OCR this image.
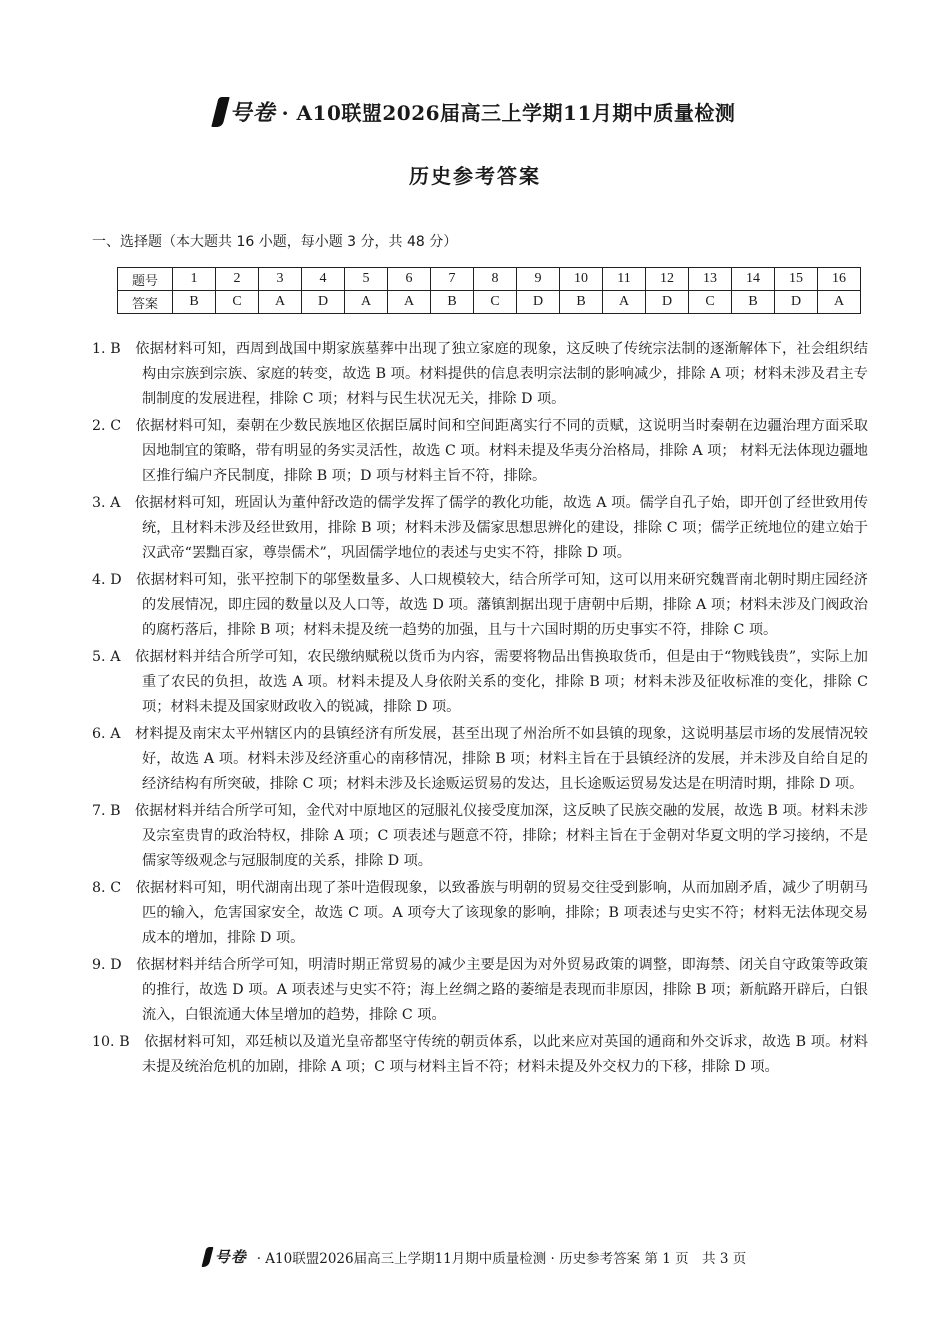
号卷 · A10联盟2026届高三上学期11月期中质量检测
历史参考答案
一、选择题（本大题共 16 小题，每小题 3 分，共 48 分）
题号	1	2	3	4	5	6	7	8	9	10	11	12	13	14	15	16
答案	B	C	A	D	A	A	B	C	D	B	A	D	C	B	D	A
1. B　依据材料可知，西周到战国中期家族墓葬中出现了独立家庭的现象，这反映了传统宗法制的逐渐解体下，社会组织结构由宗族到宗族、家庭的转变，故选 B 项。材料提供的信息表明宗法制的影响减少，排除 A 项；材料未涉及君主专制制度的发展进程，排除 C 项；材料与民生状况无关，排除 D 项。
2. C　依据材料可知，秦朝在少数民族地区依据臣属时间和空间距离实行不同的贡赋，这说明当时秦朝在边疆治理方面采取因地制宜的策略，带有明显的务实灵活性，故选 C 项。材料未提及华夷分治格局，排除 A 项； 材料无法体现边疆地区推行编户齐民制度，排除 B 项；D 项与材料主旨不符，排除。
3. A　依据材料可知，班固认为董仲舒改造的儒学发挥了儒学的教化功能，故选 A 项。儒学自孔子始，即开创了经世致用传统，且材料未涉及经世致用，排除 B 项；材料未涉及儒家思想思辨化的建设，排除 C 项；儒学正统地位的建立始于汉武帝“罢黜百家，尊崇儒术”，巩固儒学地位的表述与史实不符，排除 D 项。
4. D　依据材料可知，张平控制下的邬堡数量多、人口规模较大，结合所学可知，这可以用来研究魏晋南北朝时期庄园经济的发展情况，即庄园的数量以及人口等，故选 D 项。藩镇割据出现于唐朝中后期，排除 A 项；材料未涉及门阀政治的腐朽落后，排除 B 项；材料未提及统一趋势的加强，且与十六国时期的历史事实不符，排除 C 项。
5. A　依据材料并结合所学可知，农民缴纳赋税以货币为内容，需要将物品出售换取货币，但是由于“物贱钱贵”，实际上加重了农民的负担，故选 A 项。材料未提及人身依附关系的变化，排除 B 项；材料未涉及征收标准的变化，排除 C 项；材料未提及国家财政收入的锐减，排除 D 项。
6. A　材料提及南宋太平州辖区内的县镇经济有所发展，甚至出现了州治所不如县镇的现象，这说明基层市场的发展情况较好，故选 A 项。材料未涉及经济重心的南移情况，排除 B 项；材料主旨在于县镇经济的发展，并未涉及自给自足的经济结构有所突破，排除 C 项；材料未涉及长途贩运贸易的发达，且长途贩运贸易发达是在明清时期，排除 D 项。
7. B　依据材料并结合所学可知，金代对中原地区的冠服礼仪接受度加深，这反映了民族交融的发展，故选 B 项。材料未涉及宗室贵胄的政治特权，排除 A 项；C 项表述与题意不符，排除；材料主旨在于金朝对华夏文明的学习接纳，不是儒家等级观念与冠服制度的关系，排除 D 项。
8. C　依据材料可知，明代湖南出现了茶叶造假现象，以致番族与明朝的贸易交往受到影响，从而加剧矛盾，减少了明朝马匹的输入，危害国家安全，故选 C 项。A 项夸大了该现象的影响，排除；B 项表述与史实不符；材料无法体现交易成本的增加，排除 D 项。
9. D　依据材料并结合所学可知，明清时期正常贸易的减少主要是因为对外贸易政策的调整，即海禁、闭关自守政策等政策的推行，故选 D 项。A 项表述与史实不符；海上丝绸之路的萎缩是表现而非原因，排除 B 项；新航路开辟后，白银流入，白银流通大体呈增加的趋势，排除 C 项。
10. B　依据材料可知，邓廷桢以及道光皇帝都坚守传统的朝贡体系，以此来应对英国的通商和外交诉求，故选 B 项。材料未提及统治危机的加剧，排除 A 项；C 项与材料主旨不符；材料未提及外交权力的下移，排除 D 项。
号卷 · A10联盟2026届高三上学期11月期中质量检测 · 历史参考答案 第 1 页　共 3 页
